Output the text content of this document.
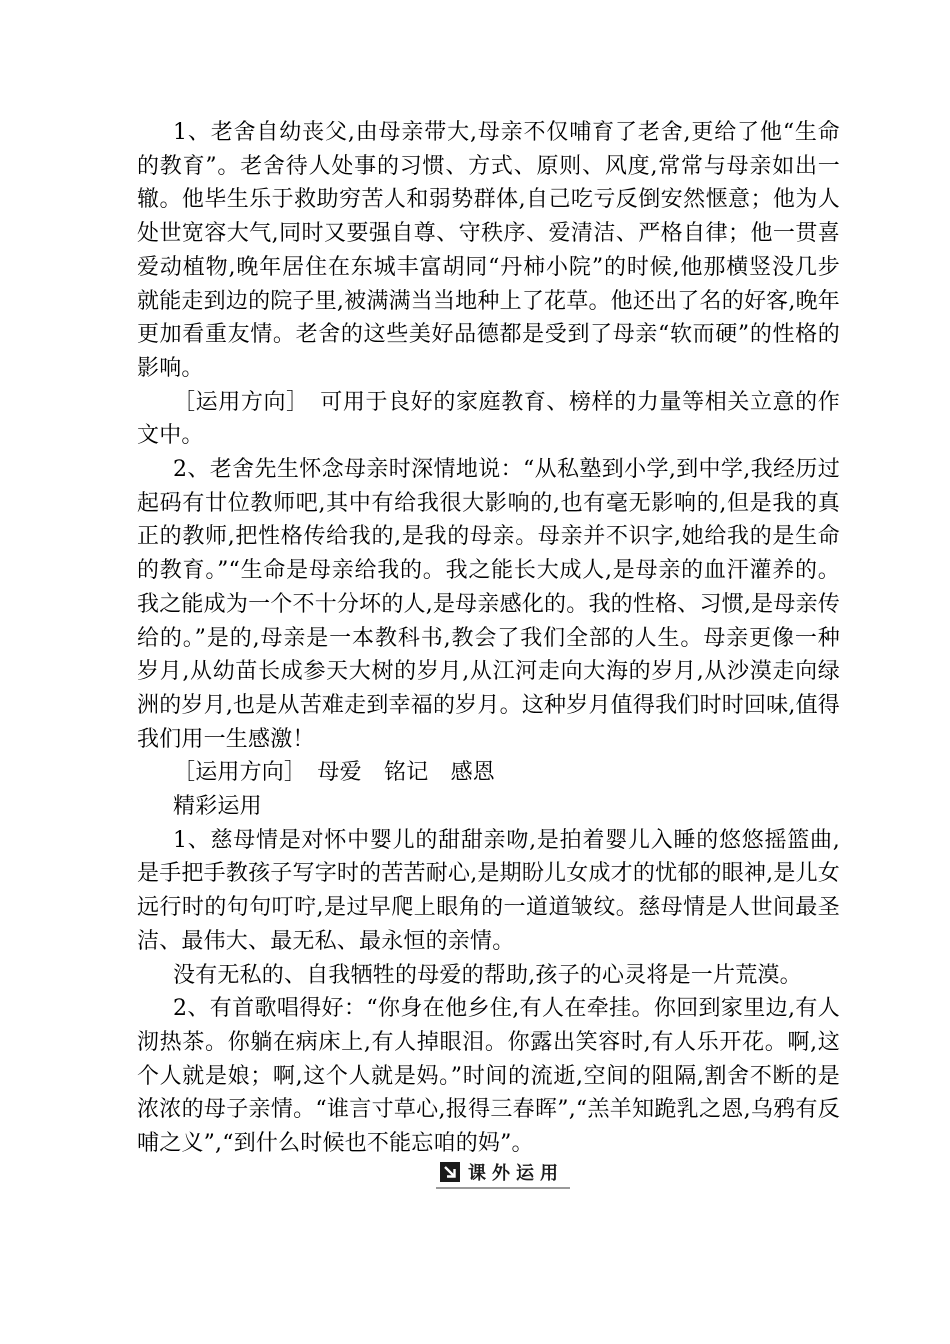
1、老舍自幼丧父,由母亲带大,母亲不仅哺育了老舍,更给了他“生命的教育”。老舍待人处事的习惯、方式、原则、风度,常常与母亲如出一辙。他毕生乐于救助穷苦人和弱势群体,自己吃亏反倒安然惬意；他为人处世宽容大气,同时又要强自尊、守秩序、爱清洁、严格自律；他一贯喜爱动植物,晚年居住在东城丰富胡同“丹柿小院”的时候,他那横竖没几步就能走到边的院子里,被满满当当地种上了花草。他还出了名的好客,晚年更加看重友情。老舍的这些美好品德都是受到了母亲“软而硬”的性格的影响。

［运用方向］　可用于良好的家庭教育、榜样的力量等相关立意的作文中。

2、老舍先生怀念母亲时深情地说：“从私塾到小学,到中学,我经历过起码有廿位教师吧,其中有给我很大影响的,也有毫无影响的,但是我的真正的教师,把性格传给我的,是我的母亲。母亲并不识字,她给我的是生命的教育。”“生命是母亲给我的。我之能长大成人,是母亲的血汗灌养的。我之能成为一个不十分坏的人,是母亲感化的。我的性格、习惯,是母亲传给的。”是的,母亲是一本教科书,教会了我们全部的人生。母亲更像一种岁月,从幼苗长成参天大树的岁月,从江河走向大海的岁月,从沙漠走向绿洲的岁月,也是从苦难走到幸福的岁月。这种岁月值得我们时时回味,值得我们用一生感激！

［运用方向］　母爱　铭记　感恩

精彩运用

1、慈母情是对怀中婴儿的甜甜亲吻,是拍着婴儿入睡的悠悠摇篮曲,是手把手教孩子写字时的苦苦耐心,是期盼儿女成才的忧郁的眼神,是儿女远行时的句句叮咛,是过早爬上眼角的一道道皱纹。慈母情是人世间最圣洁、最伟大、最无私、最永恒的亲情。

没有无私的、自我牺牲的母爱的帮助,孩子的心灵将是一片荒漠。

2、有首歌唱得好：“你身在他乡住,有人在牵挂。你回到家里边,有人沏热茶。你躺在病床上,有人掉眼泪。你露出笑容时,有人乐开花。啊,这个人就是娘；啊,这个人就是妈。”时间的流逝,空间的阻隔,割舍不断的是浓浓的母子亲情。“谁言寸草心,报得三春晖”,“羔羊知跪乳之恩,乌鸦有反哺之义”,“到什么时候也不能忘咱的妈”。

课外运用
